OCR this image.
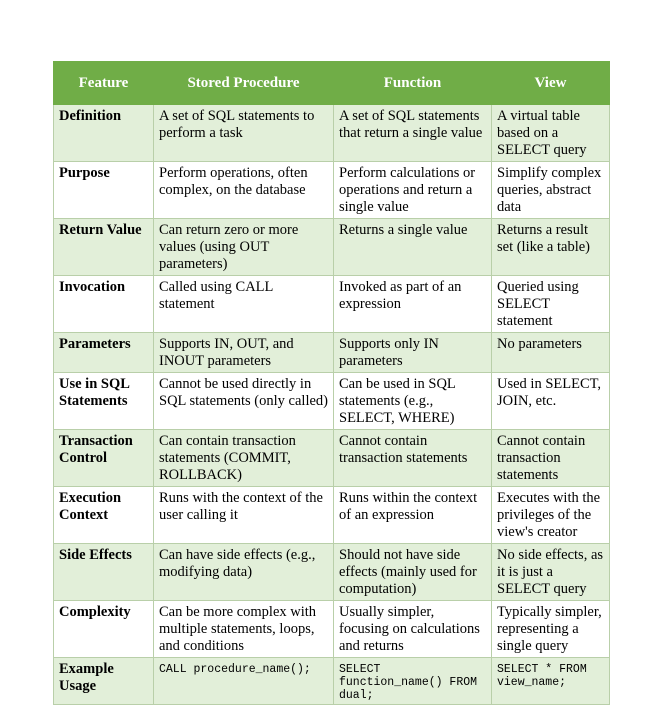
Feature	Stored Procedure	Function	View
Definition	A set of SQL statements to perform a task	A set of SQL statements that return a single value	A virtual table based on a SELECT query
Purpose	Perform operations, often complex, on the database	Perform calculations or operations and return a single value	Simplify complex queries, abstract data
Return Value	Can return zero or more values (using OUT parameters)	Returns a single value	Returns a result set (like a table)
Invocation	Called using CALL statement	Invoked as part of an expression	Queried using SELECT statement
Parameters	Supports IN, OUT, and INOUT parameters	Supports only IN parameters	No parameters
Use in SQL Statements	Cannot be used directly in SQL statements (only called)	Can be used in SQL statements (e.g., SELECT, WHERE)	Used in SELECT, JOIN, etc.
Transaction Control	Can contain transaction statements (COMMIT, ROLLBACK)	Cannot contain transaction statements	Cannot contain transaction statements
Execution Context	Runs with the context of the user calling it	Runs within the context of an expression	Executes with the privileges of the view's creator
Side Effects	Can have side effects (e.g., modifying data)	Should not have side effects (mainly used for computation)	No side effects, as it is just a SELECT query
Complexity	Can be more complex with multiple statements, loops, and conditions	Usually simpler, focusing on calculations and returns	Typically simpler, representing a single query
Example Usage	CALL procedure_name();	SELECT function_name() FROM dual;	SELECT * FROM view_name;
